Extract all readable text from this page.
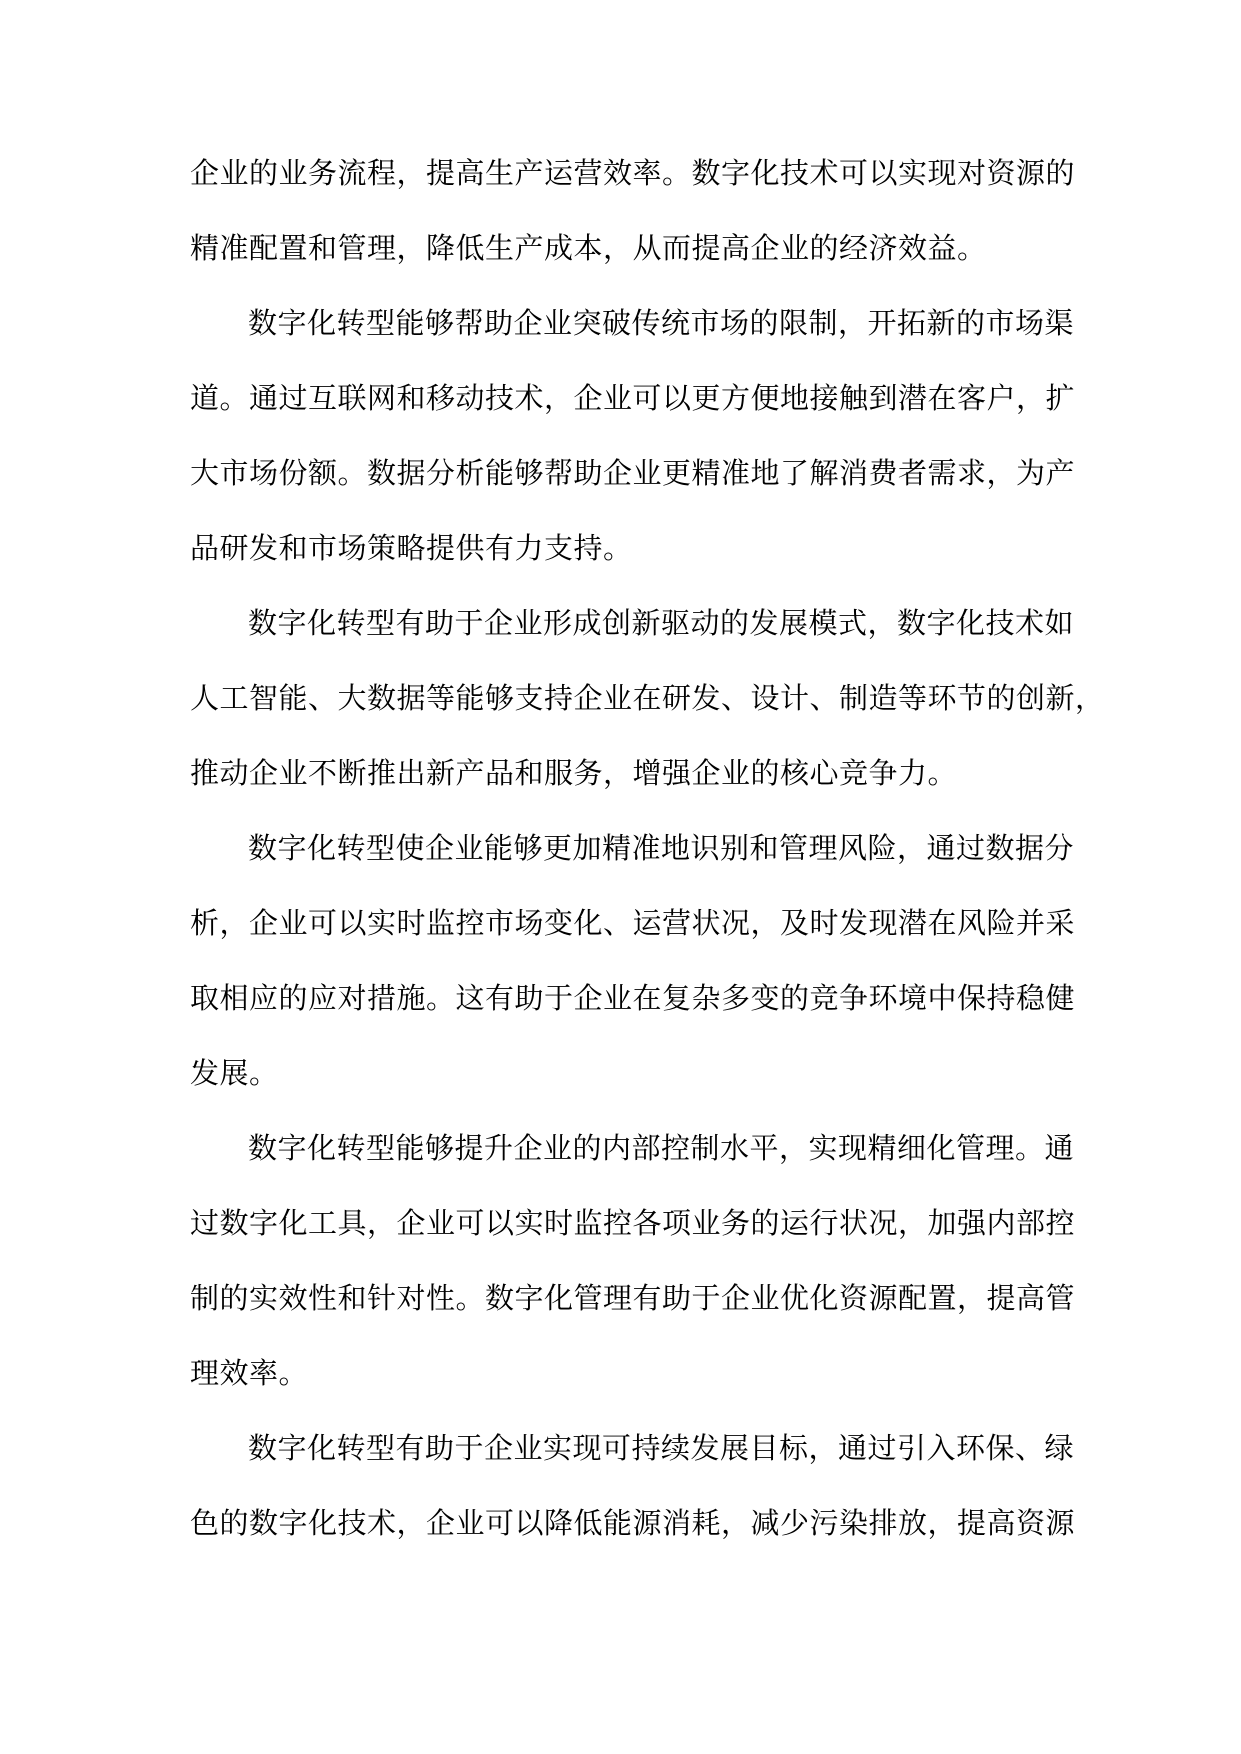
企业的业务流程，提高生产运营效率。数字化技术可以实现对资源的
精准配置和管理，降低生产成本，从而提高企业的经济效益。
数字化转型能够帮助企业突破传统市场的限制，开拓新的市场渠
道。通过互联网和移动技术，企业可以更方便地接触到潜在客户，扩
大市场份额。数据分析能够帮助企业更精准地了解消费者需求，为产
品研发和市场策略提供有力支持。
数字化转型有助于企业形成创新驱动的发展模式，数字化技术如
人工智能、大数据等能够支持企业在研发、设计、制造等环节的创新，
推动企业不断推出新产品和服务，增强企业的核心竞争力。
数字化转型使企业能够更加精准地识别和管理风险，通过数据分
析，企业可以实时监控市场变化、运营状况，及时发现潜在风险并采
取相应的应对措施。这有助于企业在复杂多变的竞争环境中保持稳健
发展。
数字化转型能够提升企业的内部控制水平，实现精细化管理。通
过数字化工具，企业可以实时监控各项业务的运行状况，加强内部控
制的实效性和针对性。数字化管理有助于企业优化资源配置，提高管
理效率。
数字化转型有助于企业实现可持续发展目标，通过引入环保、绿
色的数字化技术，企业可以降低能源消耗，减少污染排放，提高资源
